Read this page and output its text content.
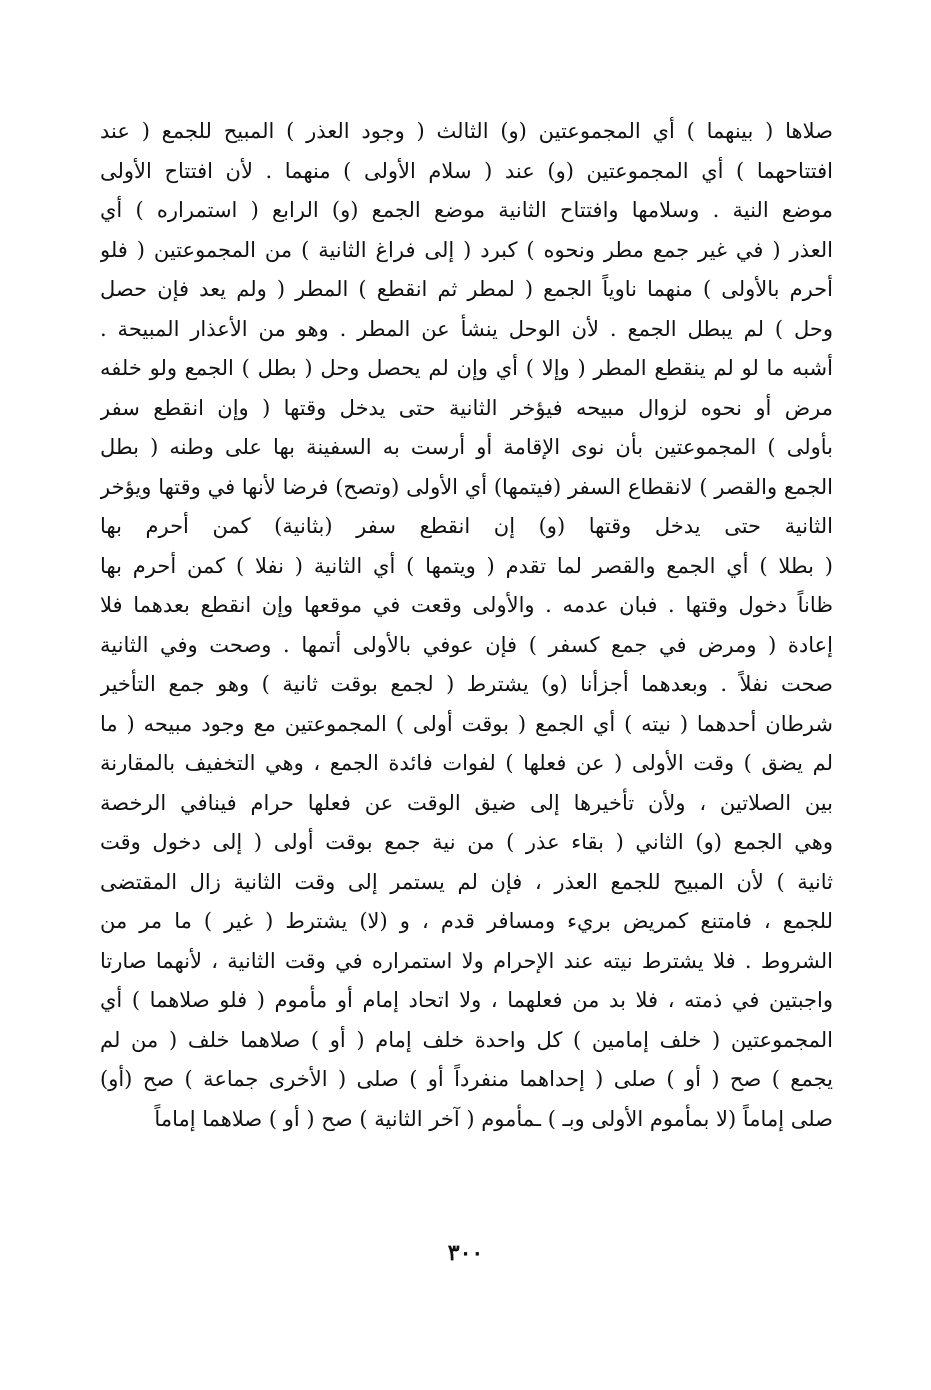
صلاها ( بينهما ) أي المجموعتين (و) الثالث ( وجود العذر ) المبيح للجمع ( عند
افتتاحهما ) أي المجموعتين (و) عند ( سلام الأولى ) منهما . لأن افتتاح الأولى
موضع النية . وسلامها وافتتاح الثانية موضع الجمع (و) الرابع ( استمراره ) أي
العذر ( في غير جمع مطر ونحوه ) كبرد ( إلى فراغ الثانية ) من المجموعتين ( فلو
أحرم بالأولى ) منهما ناوياً الجمع ( لمطر ثم انقطع ) المطر ( ولم يعد فإن حصل
وحل ) لم يبطل الجمع . لأن الوحل ينشأ عن المطر . وهو من الأعذار المبيحة .
أشبه ما لو لم ينقطع المطر ( وإلا ) أي وإن لم يحصل وحل ( بطل ) الجمع ولو خلفه
مرض أو نحوه لزوال مبيحه فيؤخر الثانية حتى يدخل وقتها ( وإن انقطع سفر
بأولى ) المجموعتين بأن نوى الإقامة أو أرست به السفينة بها على وطنه ( بطل
الجمع والقصر ) لانقطاع السفر (فيتمها) أي الأولى (وتصح) فرضا لأنها في وقتها ويؤخر
الثانية حتى يدخل وقتها (و) إن انقطع سفر (بثانية) كمن أحرم بها
( بطلا ) أي الجمع والقصر لما تقدم ( ويتمها ) أي الثانية ( نفلا ) كمن أحرم بها
ظاناً دخول وقتها . فبان عدمه . والأولى وقعت في موقعها وإن انقطع بعدهما فلا
إعادة ( ومرض في جمع كسفر ) فإن عوفي بالأولى أتمها . وصحت وفي الثانية
صحت نفلاً . وبعدهما أجزأنا (و) يشترط ( لجمع بوقت ثانية ) وهو جمع التأخير
شرطان أحدهما ( نيته ) أي الجمع ( بوقت أولى ) المجموعتين مع وجود مبيحه ( ما
لم يضق ) وقت الأولى ( عن فعلها ) لفوات فائدة الجمع ، وهي التخفيف بالمقارنة
بين الصلاتين ، ولأن تأخيرها إلى ضيق الوقت عن فعلها حرام فينافي الرخصة
وهي الجمع (و) الثاني ( بقاء عذر ) من نية جمع بوقت أولى ( إلى دخول وقت
ثانية ) لأن المبيح للجمع العذر ، فإن لم يستمر إلى وقت الثانية زال المقتضى
للجمع ، فامتنع كمريض بريء ومسافر قدم ، و (لا) يشترط ( غير ) ما مر من
الشروط . فلا يشترط نيته عند الإحرام ولا استمراره في وقت الثانية ، لأنهما صارتا
واجبتين في ذمته ، فلا بد من فعلهما ، ولا اتحاد إمام أو مأموم ( فلو صلاهما ) أي
المجموعتين ( خلف إمامين ) كل واحدة خلف إمام ( أو ) صلاهما خلف ( من لم
يجمع ) صح ( أو ) صلى ( إحداهما منفرداً أو ) صلى ( الأخرى جماعة ) صح (أو)
صلى إماماً (لا بمأموم الأولى وبـ ) ـمأموم ( آخر الثانية ) صح ( أو ) صلاهما إماماً
٣٠٠
